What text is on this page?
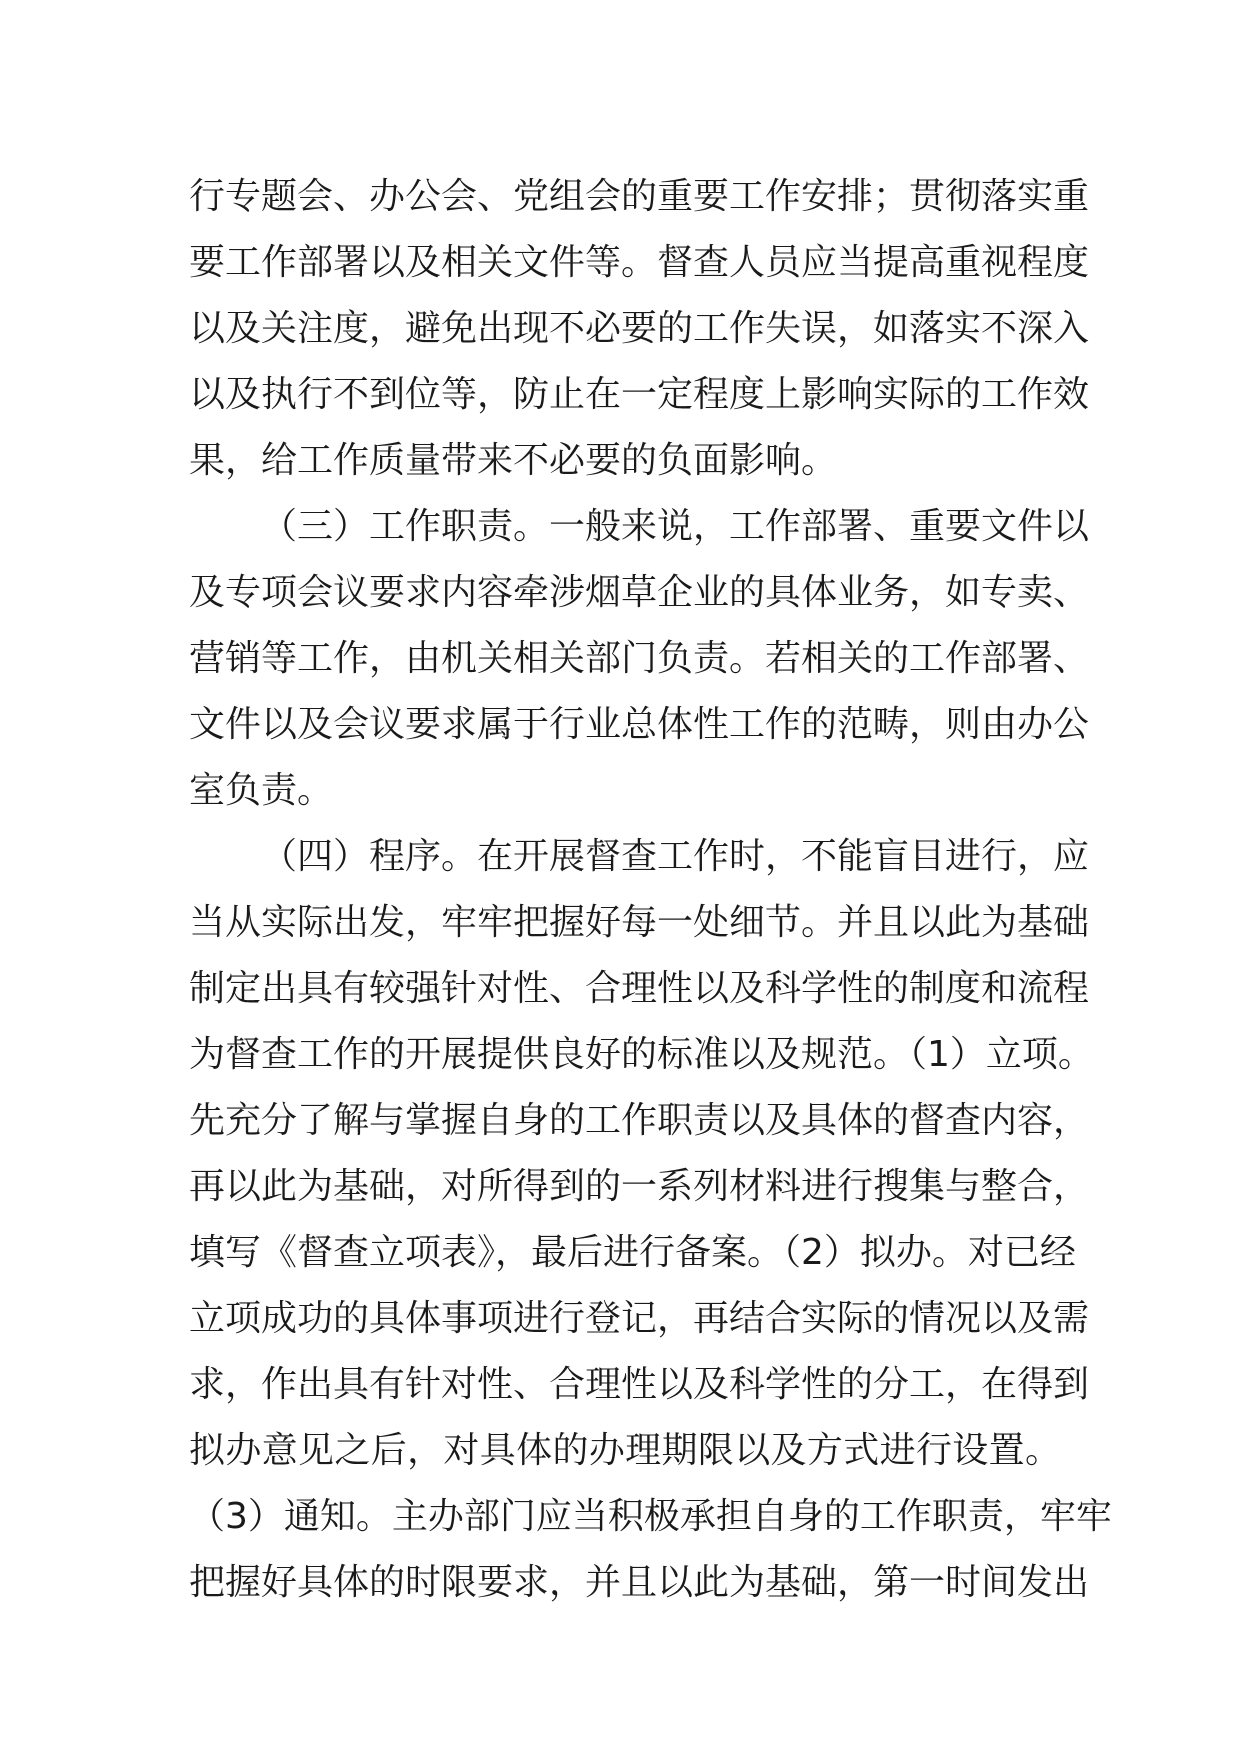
行专题会、办公会、党组会的重要工作安排；贯彻落实重
要工作部署以及相关文件等。督查人员应当提高重视程度
以及关注度，避免出现不必要的工作失误，如落实不深入
以及执行不到位等，防止在一定程度上影响实际的工作效
果，给工作质量带来不必要的负面影响。
（三）工作职责。一般来说，工作部署、重要文件以
及专项会议要求内容牵涉烟草企业的具体业务，如专卖、
营销等工作，由机关相关部门负责。若相关的工作部署、
文件以及会议要求属于行业总体性工作的范畴，则由办公
室负责。
（四）程序。在开展督查工作时，不能盲目进行，应
当从实际出发，牢牢把握好每一处细节。并且以此为基础
制定出具有较强针对性、合理性以及科学性的制度和流程
为督查工作的开展提供良好的标准以及规范。（1）立项。
先充分了解与掌握自身的工作职责以及具体的督查内容，
再以此为基础，对所得到的一系列材料进行搜集与整合，
填写《督查立项表》，最后进行备案。（2）拟办。对已经
立项成功的具体事项进行登记，再结合实际的情况以及需
求，作出具有针对性、合理性以及科学性的分工，在得到
拟办意见之后，对具体的办理期限以及方式进行设置。
（3）通知。主办部门应当积极承担自身的工作职责，牢牢
把握好具体的时限要求，并且以此为基础，第一时间发出
